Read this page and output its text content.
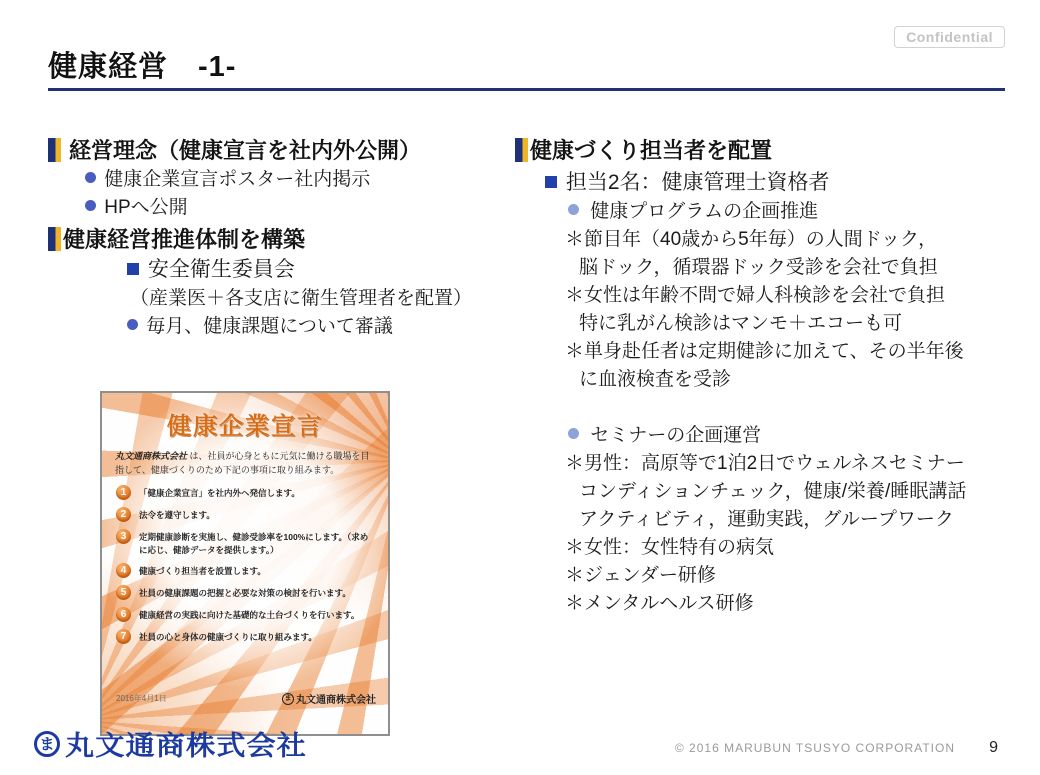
Confidential
健康経営　-1-
経営理念（健康宣言を社内外公開）
健康企業宣言ポスター社内掲示
HPへ公開
健康経営推進体制を構築
安全衛生委員会
（産業医＋各支店に衛生管理者を配置）
毎月、健康課題について審議
健康企業宣言
丸文通商株式会社 は、社員が心身ともに元気に働ける職場を目指して、健康づくりのため下記の事項に取り組みます。
1	「健康企業宣言」を社内外へ発信します。
2	法令を遵守します。
3	定期健康診断を実施し、健診受診率を100%にします。（求めに応じ、健診データを提供します。）
4	健康づくり担当者を設置します。
5	社員の健康課題の把握と必要な対策の検討を行います。
6	健康経営の実践に向けた基礎的な土台づくりを行います。
7	社員の心と身体の健康づくりに取り組みます。
2016年4月1日	ま 丸文通商株式会社
健康づくり担当者を配置
担当2名：健康管理士資格者
健康プログラムの企画推進
＊節目年（40歳から5年毎）の人間ドック，
脳ドック，循環器ドック受診を会社で負担
＊女性は年齢不問で婦人科検診を会社で負担
特に乳がん検診はマンモ＋エコーも可
＊単身赴任者は定期健診に加えて、その半年後
に血液検査を受診
セミナーの企画運営
＊男性：高原等で1泊2日でウェルネスセミナー
コンディションチェック，健康/栄養/睡眠講話
アクティビティ，運動実践，グループワーク
＊女性：女性特有の病気
＊ジェンダー研修
＊メンタルヘルス研修
ま 丸文通商株式会社	© 2016 MARUBUN TSUSYO CORPORATION 9
